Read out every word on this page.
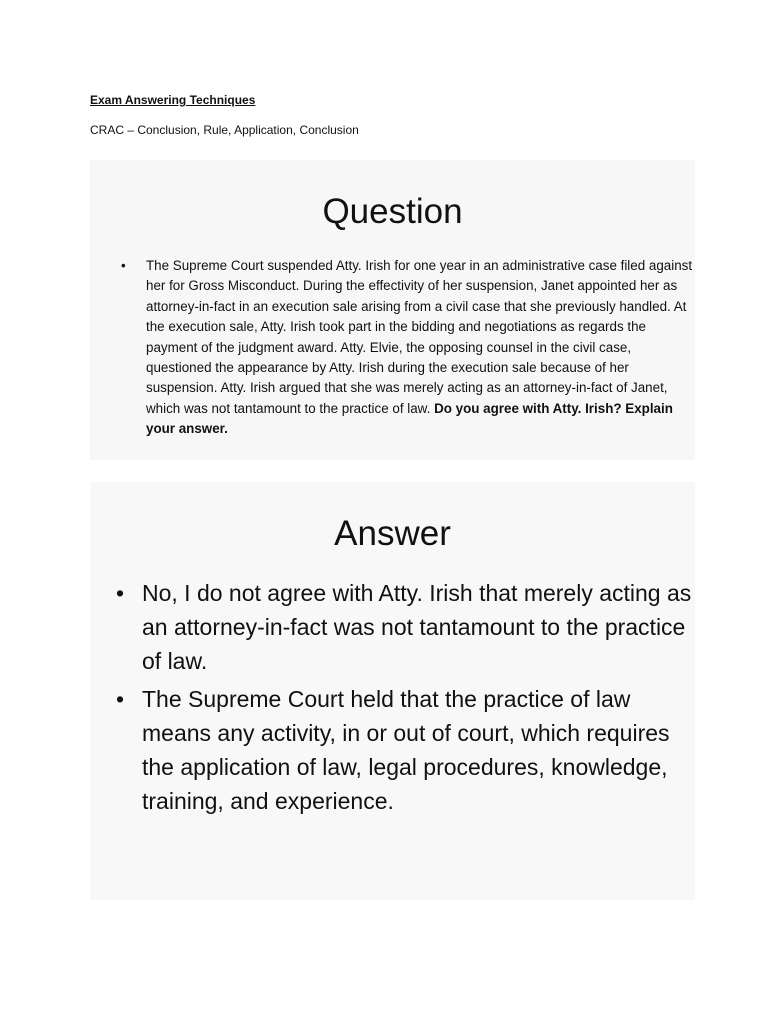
Exam Answering Techniques

CRAC – Conclusion, Rule, Application, Conclusion

Question
• The Supreme Court suspended Atty. Irish for one year in an administrative case filed against her for Gross Misconduct. During the effectivity of her suspension, Janet appointed her as attorney-in-fact in an execution sale arising from a civil case that she previously handled. At the execution sale, Atty. Irish took part in the bidding and negotiations as regards the payment of the judgment award. Atty. Elvie, the opposing counsel in the civil case, questioned the appearance by Atty. Irish during the execution sale because of her suspension. Atty. Irish argued that she was merely acting as an attorney-in-fact of Janet, which was not tantamount to the practice of law. Do you agree with Atty. Irish? Explain your answer.
Answer
• No, I do not agree with Atty. Irish that merely acting as an attorney-in-fact was not tantamount to the practice of law.
• The Supreme Court held that the practice of law means any activity, in or out of court, which requires the application of law, legal procedures, knowledge, training, and experience.
